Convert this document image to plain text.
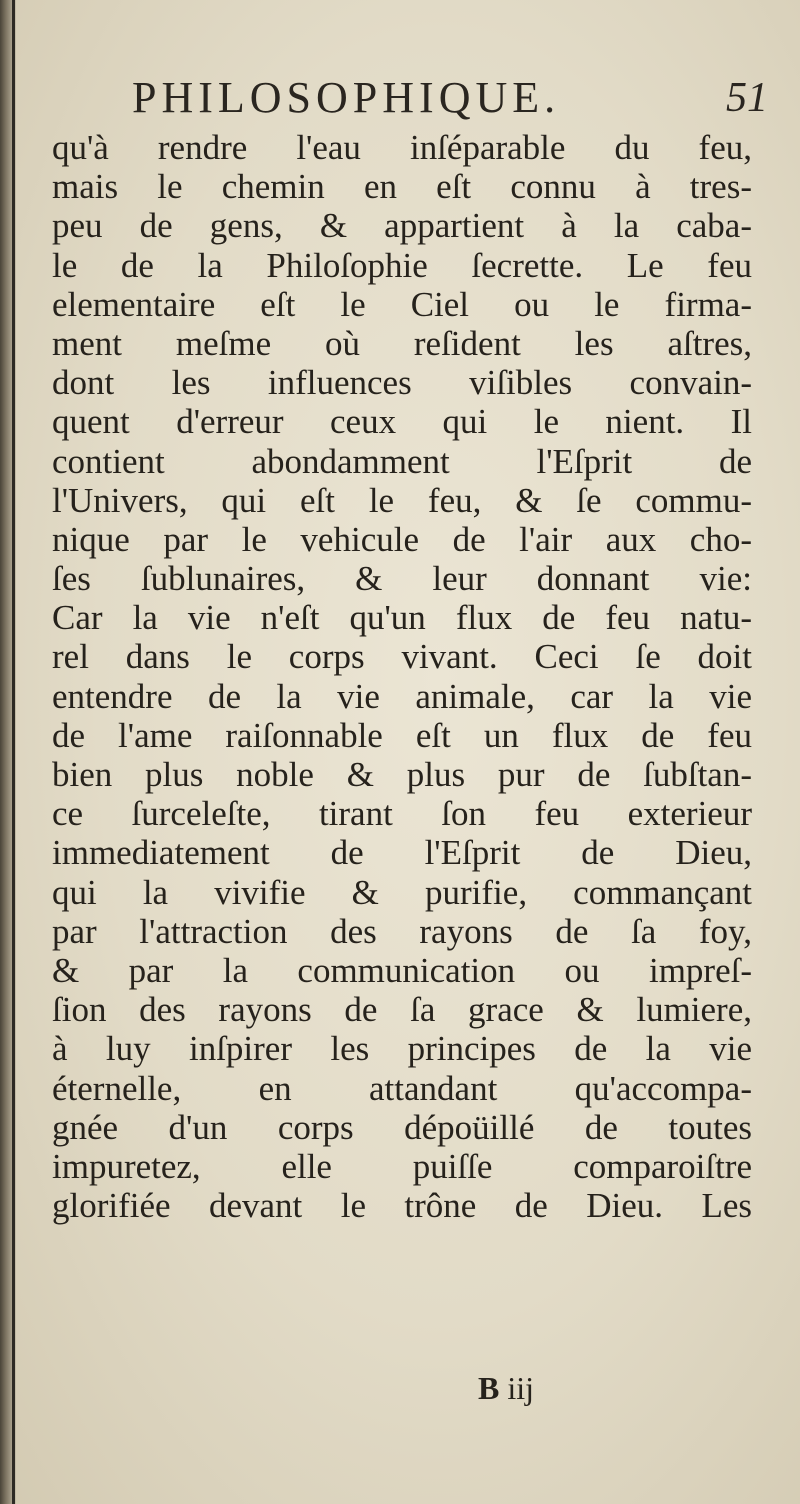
PHILOSOPHIQUE.	51
qu'à rendre l'eau inſéparable du feu,
mais le chemin en eſt connu à tres-
peu de gens, & appartient à la caba-
le de la Philoſophie ſecrette. Le feu
elementaire eſt le Ciel ou le firma-
ment meſme où reſident les aſtres,
dont les influences viſibles convain-
quent d'erreur ceux qui le nient. Il
contient abondamment l'Eſprit de
l'Univers, qui eſt le feu, & ſe commu-
nique par le vehicule de l'air aux cho-
ſes ſublunaires, & leur donnant vie:
Car la vie n'eſt qu'un flux de feu natu-
rel dans le corps vivant. Ceci ſe doit
entendre de la vie animale, car la vie
de l'ame raiſonnable eſt un flux de feu
bien plus noble & plus pur de ſubſtan-
ce ſurceleſte, tirant ſon feu exterieur
immediatement de l'Eſprit de Dieu,
qui la vivifie & purifie, commançant
par l'attraction des rayons de ſa foy,
& par la communication ou impreſ-
ſion des rayons de ſa grace & lumiere,
à luy inſpirer les principes de la vie
éternelle, en attandant qu'accompa-
gnée d'un corps dépoüillé de toutes
impuretez, elle puiſſe comparoiſtre
glorifiée devant le trône de Dieu. Les
B iij
